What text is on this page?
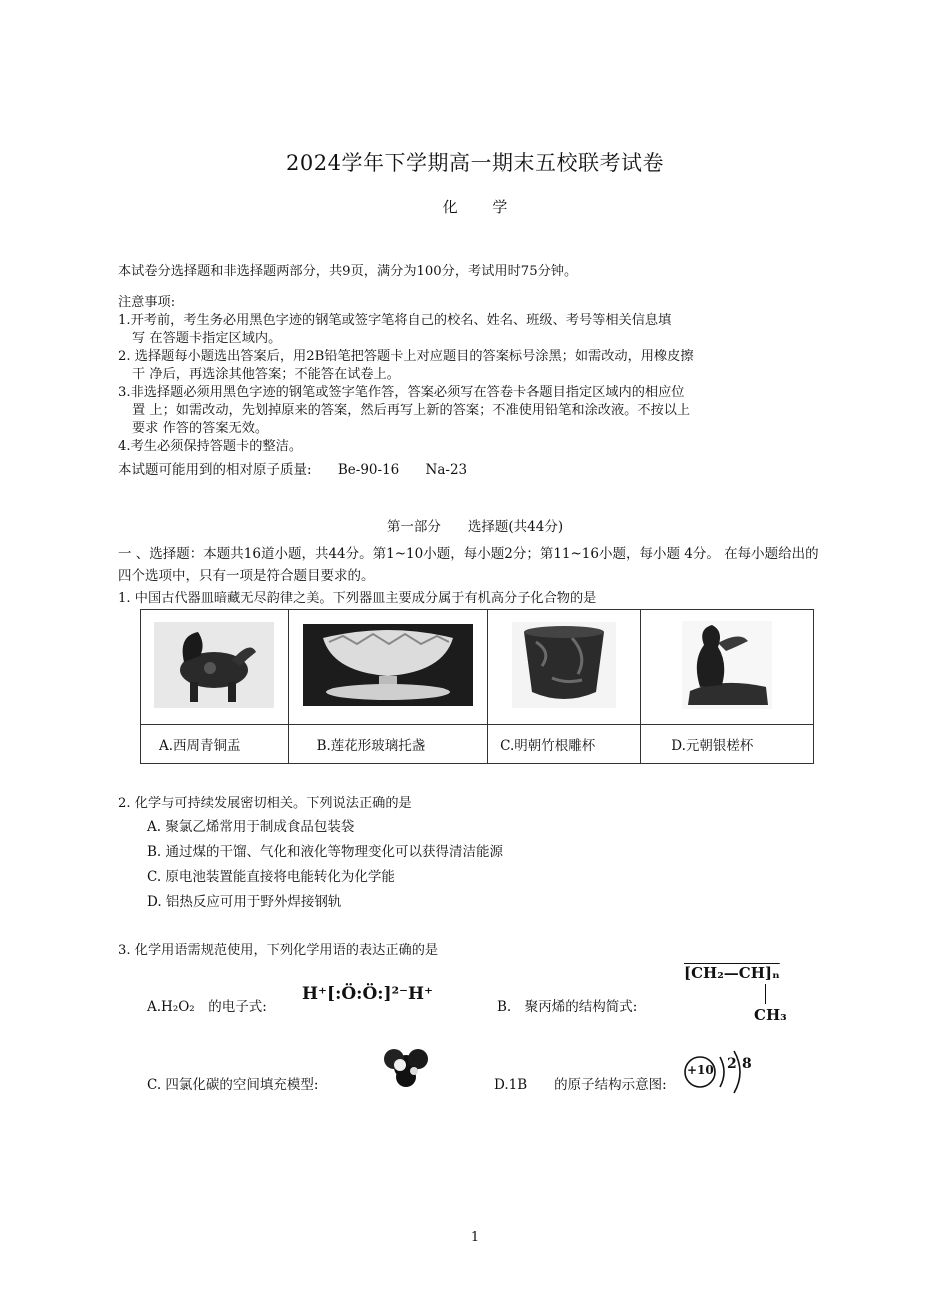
2024学年下学期高一期末五校联考试卷
化 学
本试卷分选择题和非选择题两部分，共9页，满分为100分，考试用时75分钟。
注意事项:
1.开考前，考生务必用黑色字迹的钢笔或签字笔将自己的校名、姓名、班级、考号等相关信息填
写 在答题卡指定区域内。
2. 选择题每小题选出答案后，用2B铅笔把答题卡上对应题目的答案标号涂黑；如需改动，用橡皮擦
干 净后，再选涂其他答案；不能答在试卷上。
3.非选择题必须用黑色字迹的钢笔或签字笔作答，答案必须写在答卷卡各题目指定区域内的相应位
置 上；如需改动，先划掉原来的答案，然后再写上新的答案；不准使用铅笔和涂改液。不按以上
要求 作答的答案无效。
4.考生必须保持答题卡的整洁。
本试题可能用到的相对原子质量: Be-90-16 Na-23
第一部分　　选择题(共44分)
一 、选择题：本题共16道小题，共44分。第1~10小题，每小题2分；第11~16小题，每小题 4分。 在每小题给出的四个选项中，只有一项是符合题目要求的。
1. 中国古代器皿暗藏无尽韵律之美。下列器皿主要成分属于有机高分子化合物的是

A.西周青铜盂	B.莲花形玻璃托盏	C.明朝竹根雕杯	D.元朝银槎杯
2. 化学与可持续发展密切相关。下列说法正确的是
A. 聚氯乙烯常用于制成食品包装袋
B. 通过煤的干馏、气化和液化等物理变化可以获得清洁能源
C. 原电池装置能直接将电能转化为化学能
D. 铝热反应可用于野外焊接钢轨
3. 化学用语需规范使用，下列化学用语的表达正确的是
A.H₂O₂　的电子式:
H⁺[:Ö:Ö:]²⁻H⁺
B.　聚丙烯的结构简式:
[CH₂—CH]ₙ
CH₃
C. 四氯化碳的空间填充模型:	D.1B　　的原子结构示意图:
+10 2 8
1
